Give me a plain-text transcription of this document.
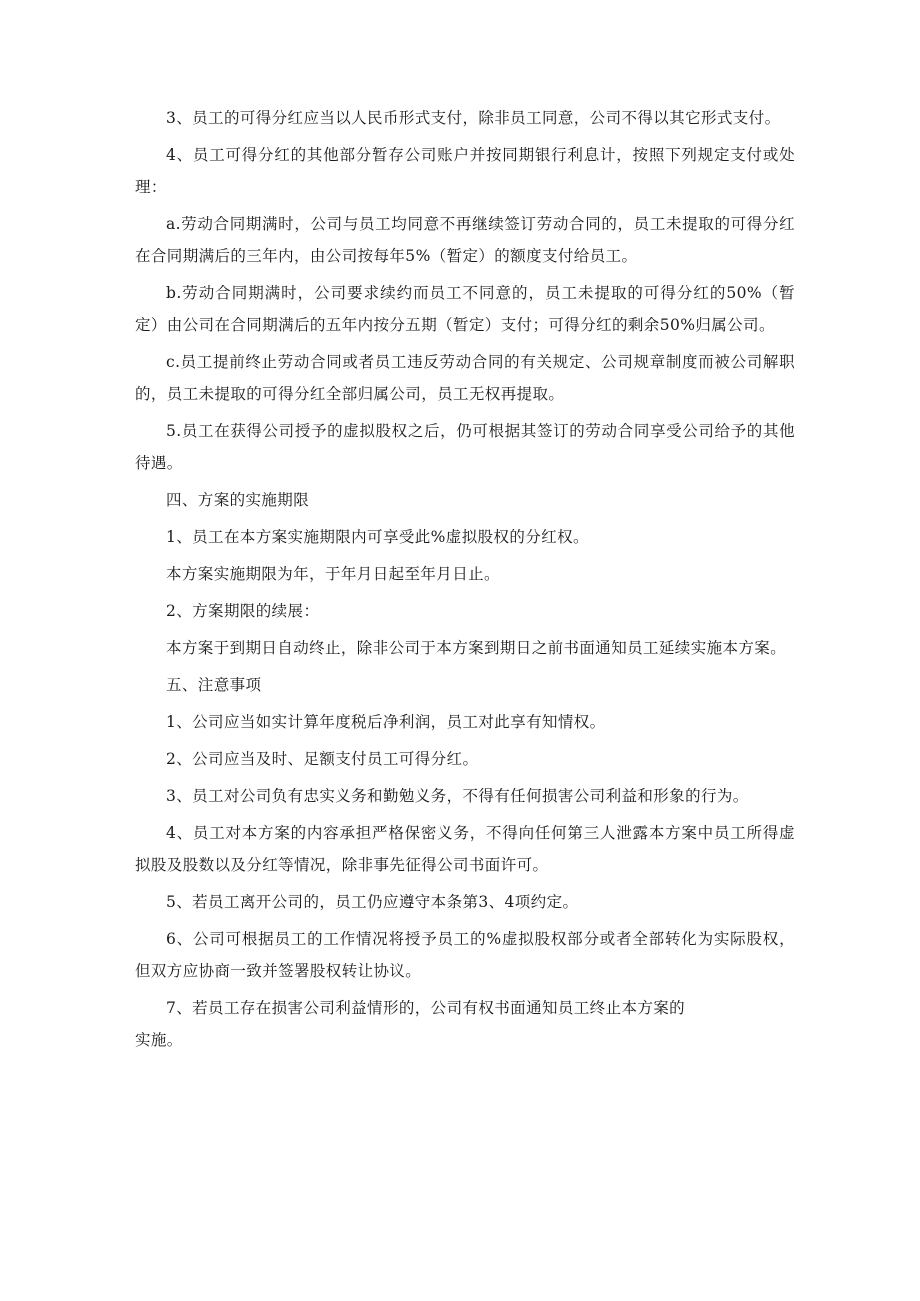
3、员工的可得分红应当以人民币形式支付，除非员工同意，公司不得以其它形式支付。

4、员工可得分红的其他部分暂存公司账户并按同期银行利息计，按照下列规定支付或处理：

a.劳动合同期满时，公司与员工均同意不再继续签订劳动合同的，员工未提取的可得分红在合同期满后的三年内，由公司按每年5%（暂定）的额度支付给员工。

b.劳动合同期满时，公司要求续约而员工不同意的，员工未提取的可得分红的50%（暂定）由公司在合同期满后的五年内按分五期（暂定）支付；可得分红的剩余50%归属公司。

c.员工提前终止劳动合同或者员工违反劳动合同的有关规定、公司规章制度而被公司解职的，员工未提取的可得分红全部归属公司，员工无权再提取。

5.员工在获得公司授予的虚拟股权之后，仍可根据其签订的劳动合同享受公司给予的其他待遇。

四、方案的实施期限

1、员工在本方案实施期限内可享受此%虚拟股权的分红权。

本方案实施期限为年，于年月日起至年月日止。

2、方案期限的续展：

本方案于到期日自动终止，除非公司于本方案到期日之前书面通知员工延续实施本方案。

五、注意事项

1、公司应当如实计算年度税后净利润，员工对此享有知情权。

2、公司应当及时、足额支付员工可得分红。

3、员工对公司负有忠实义务和勤勉义务，不得有任何损害公司利益和形象的行为。

4、员工对本方案的内容承担严格保密义务，不得向任何第三人泄露本方案中员工所得虚拟股及股数以及分红等情况，除非事先征得公司书面许可。

5、若员工离开公司的，员工仍应遵守本条第3、4项约定。

6、公司可根据员工的工作情况将授予员工的%虚拟股权部分或者全部转化为实际股权，但双方应协商一致并签署股权转让协议。

7、若员工存在损害公司利益情形的，公司有权书面通知员工终止本方案的

实施。
